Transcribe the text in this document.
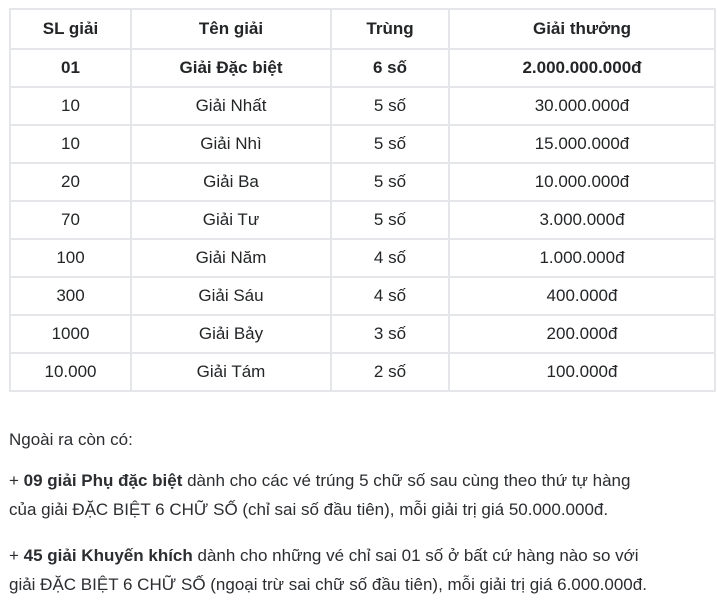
SL giải	Tên giải	Trùng	Giải thưởng
01	Giải Đặc biệt	6 số	2.000.000.000đ
10	Giải Nhất	5 số	30.000.000đ
10	Giải Nhì	5 số	15.000.000đ
20	Giải Ba	5 số	10.000.000đ
70	Giải Tư	5 số	3.000.000đ
100	Giải Năm	4 số	1.000.000đ
300	Giải Sáu	4 số	400.000đ
1000	Giải Bảy	3 số	200.000đ
10.000	Giải Tám	2 số	100.000đ
Ngoài ra còn có:

+ 09 giải Phụ đặc biệt dành cho các vé trúng 5 chữ số sau cùng theo thứ tự hàng
của giải ĐẶC BIỆT 6 CHỮ SỐ (chỉ sai số đầu tiên), mỗi giải trị giá 50.000.000đ.

+ 45 giải Khuyến khích dành cho những vé chỉ sai 01 số ở bất cứ hàng nào so với
giải ĐẶC BIỆT 6 CHỮ SỐ (ngoại trừ sai chữ số đầu tiên), mỗi giải trị giá 6.000.000đ.
